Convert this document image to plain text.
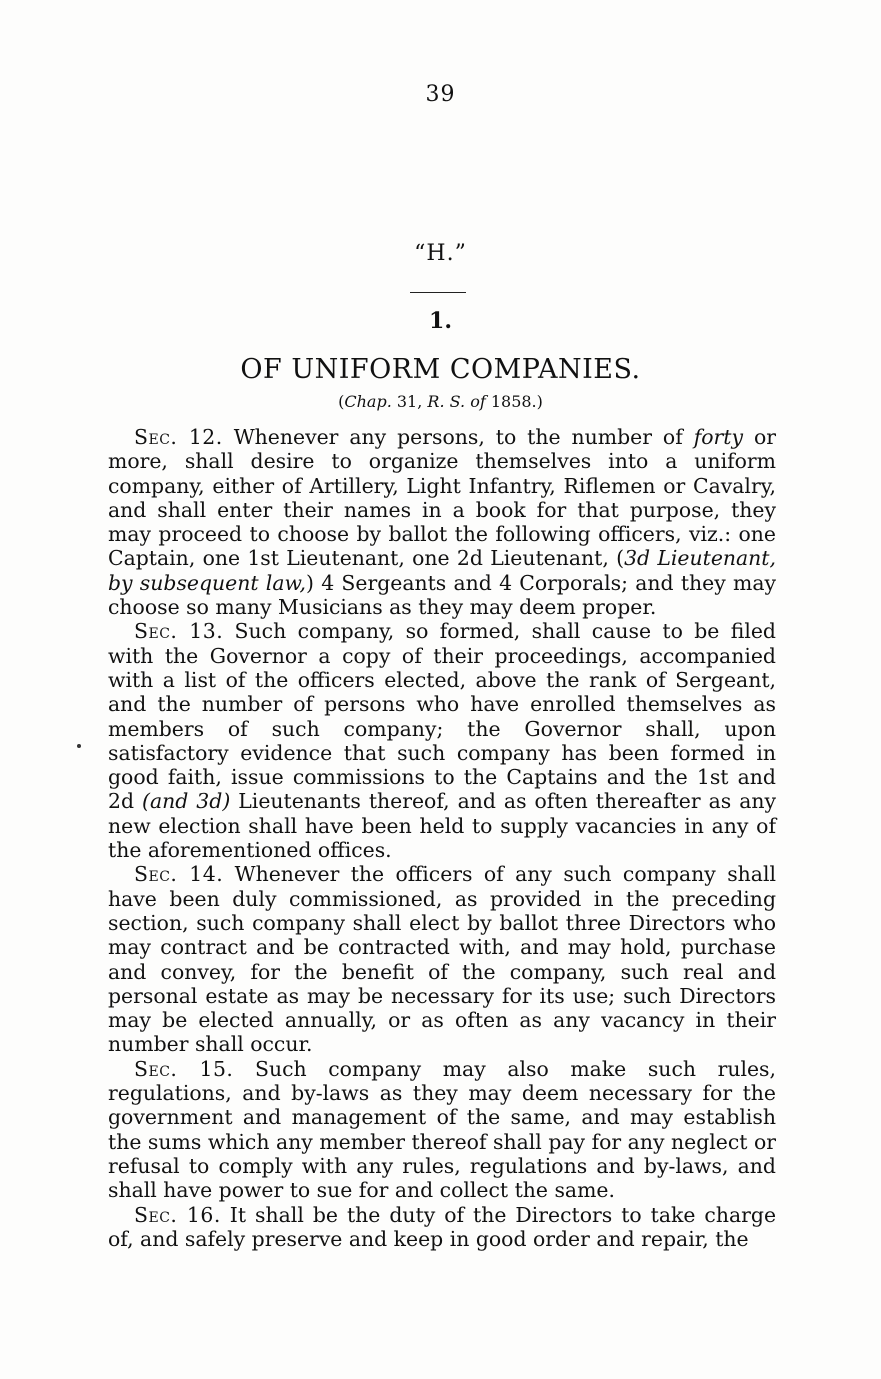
39
“H.”
1.
OF UNIFORM COMPANIES.
(Chap. 31, R. S. of 1858.)

Sec. 12. Whenever any persons, to the number of forty or more, shall desire to organize themselves into a uniform company, either of Artillery, Light Infantry, Riflemen or Cavalry, and shall enter their names in a book for that purpose, they may proceed to choose by ballot the following officers, viz.: one Captain, one 1st Lieutenant, one 2d Lieutenant, (3d Lieutenant, by subsequent law,) 4 Sergeants and 4 Corporals; and they may choose so many Musicians as they may deem proper.

Sec. 13. Such company, so formed, shall cause to be filed with the Governor a copy of their proceedings, accompanied with a list of the officers elected, above the rank of Sergeant, and the number of persons who have enrolled themselves as members of such company; the Governor shall, upon satisfactory evidence that such company has been formed in good faith, issue commissions to the Captains and the 1st and 2d (and 3d) Lieutenants thereof, and as often thereafter as any new election shall have been held to supply vacancies in any of the aforementioned offices.

Sec. 14. Whenever the officers of any such company shall have been duly commissioned, as provided in the preceding section, such company shall elect by ballot three Directors who may contract and be contracted with, and may hold, purchase and convey, for the benefit of the company, such real and personal estate as may be necessary for its use; such Directors may be elected annually, or as often as any vacancy in their number shall occur.

Sec. 15. Such company may also make such rules, regulations, and by-laws as they may deem necessary for the government and management of the same, and may establish the sums which any member thereof shall pay for any neglect or refusal to comply with any rules, regulations and by-laws, and shall have power to sue for and collect the same.

Sec. 16. It shall be the duty of the Directors to take charge of, and safely preserve and keep in good order and repair, the
